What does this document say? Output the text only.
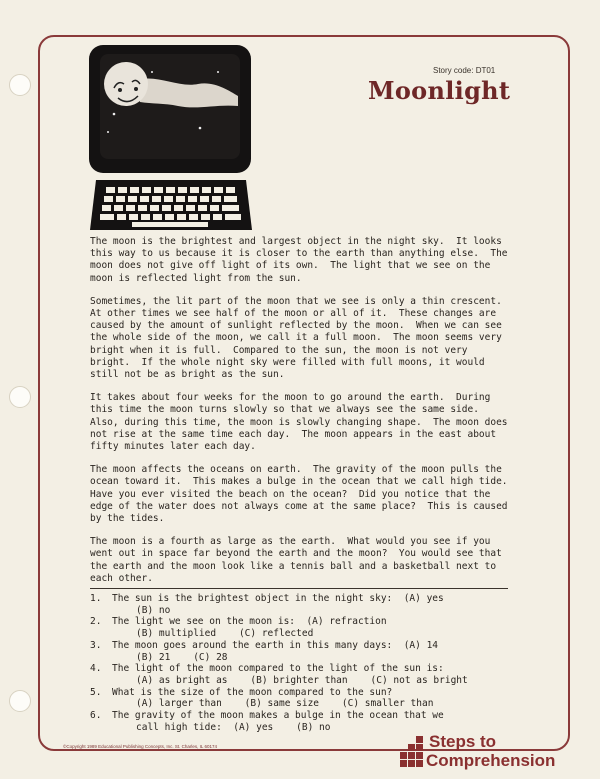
Story code: DT01
Moonlight
The moon is the brightest and largest object in the night sky.  It looks
this way to us because it is closer to the earth than anything else.  The
moon does not give off light of its own.  The light that we see on the
moon is reflected light from the sun.
Sometimes, the lit part of the moon that we see is only a thin crescent.
At other times we see half of the moon or all of it.  These changes are
caused by the amount of sunlight reflected by the moon.  When we can see
the whole side of the moon, we call it a full moon.  The moon seems very
bright when it is full.  Compared to the sun, the moon is not very
bright.  If the whole night sky were filled with full moons, it would
still not be as bright as the sun.
It takes about four weeks for the moon to go around the earth.  During
this time the moon turns slowly so that we always see the same side.
Also, during this time, the moon is slowly changing shape.  The moon does
not rise at the same time each day.  The moon appears in the east about
fifty minutes later each day.
The moon affects the oceans on earth.  The gravity of the moon pulls the
ocean toward it.  This makes a bulge in the ocean that we call high tide.
Have you ever visited the beach on the ocean?  Did you notice that the
edge of the water does not always come at the same place?  This is caused
by the tides.
The moon is a fourth as large as the earth.  What would you see if you
went out in space far beyond the earth and the moon?  You would see that
the earth and the moon look like a tennis ball and a basketball next to
each other.
1.	The sun is the brightest object in the night sky:  (A) yes
(B) no
2.	The light we see on the moon is:  (A) refraction
(B) multiplied    (C) reflected
3.	The moon goes around the earth in this many days:  (A) 14
(B) 21    (C) 28
4.	The light of the moon compared to the light of the sun is:
(A) as bright as    (B) brighter than    (C) not as bright
5.	What is the size of the moon compared to the sun?
(A) larger than    (B) same size    (C) smaller than
6.	The gravity of the moon makes a bulge in the ocean that we
call high tide:  (A) yes    (B) no
©Copyright 1989 Educational Publishing Concepts, Inc. St. Charles, IL 60174	Steps to
Comprehension
